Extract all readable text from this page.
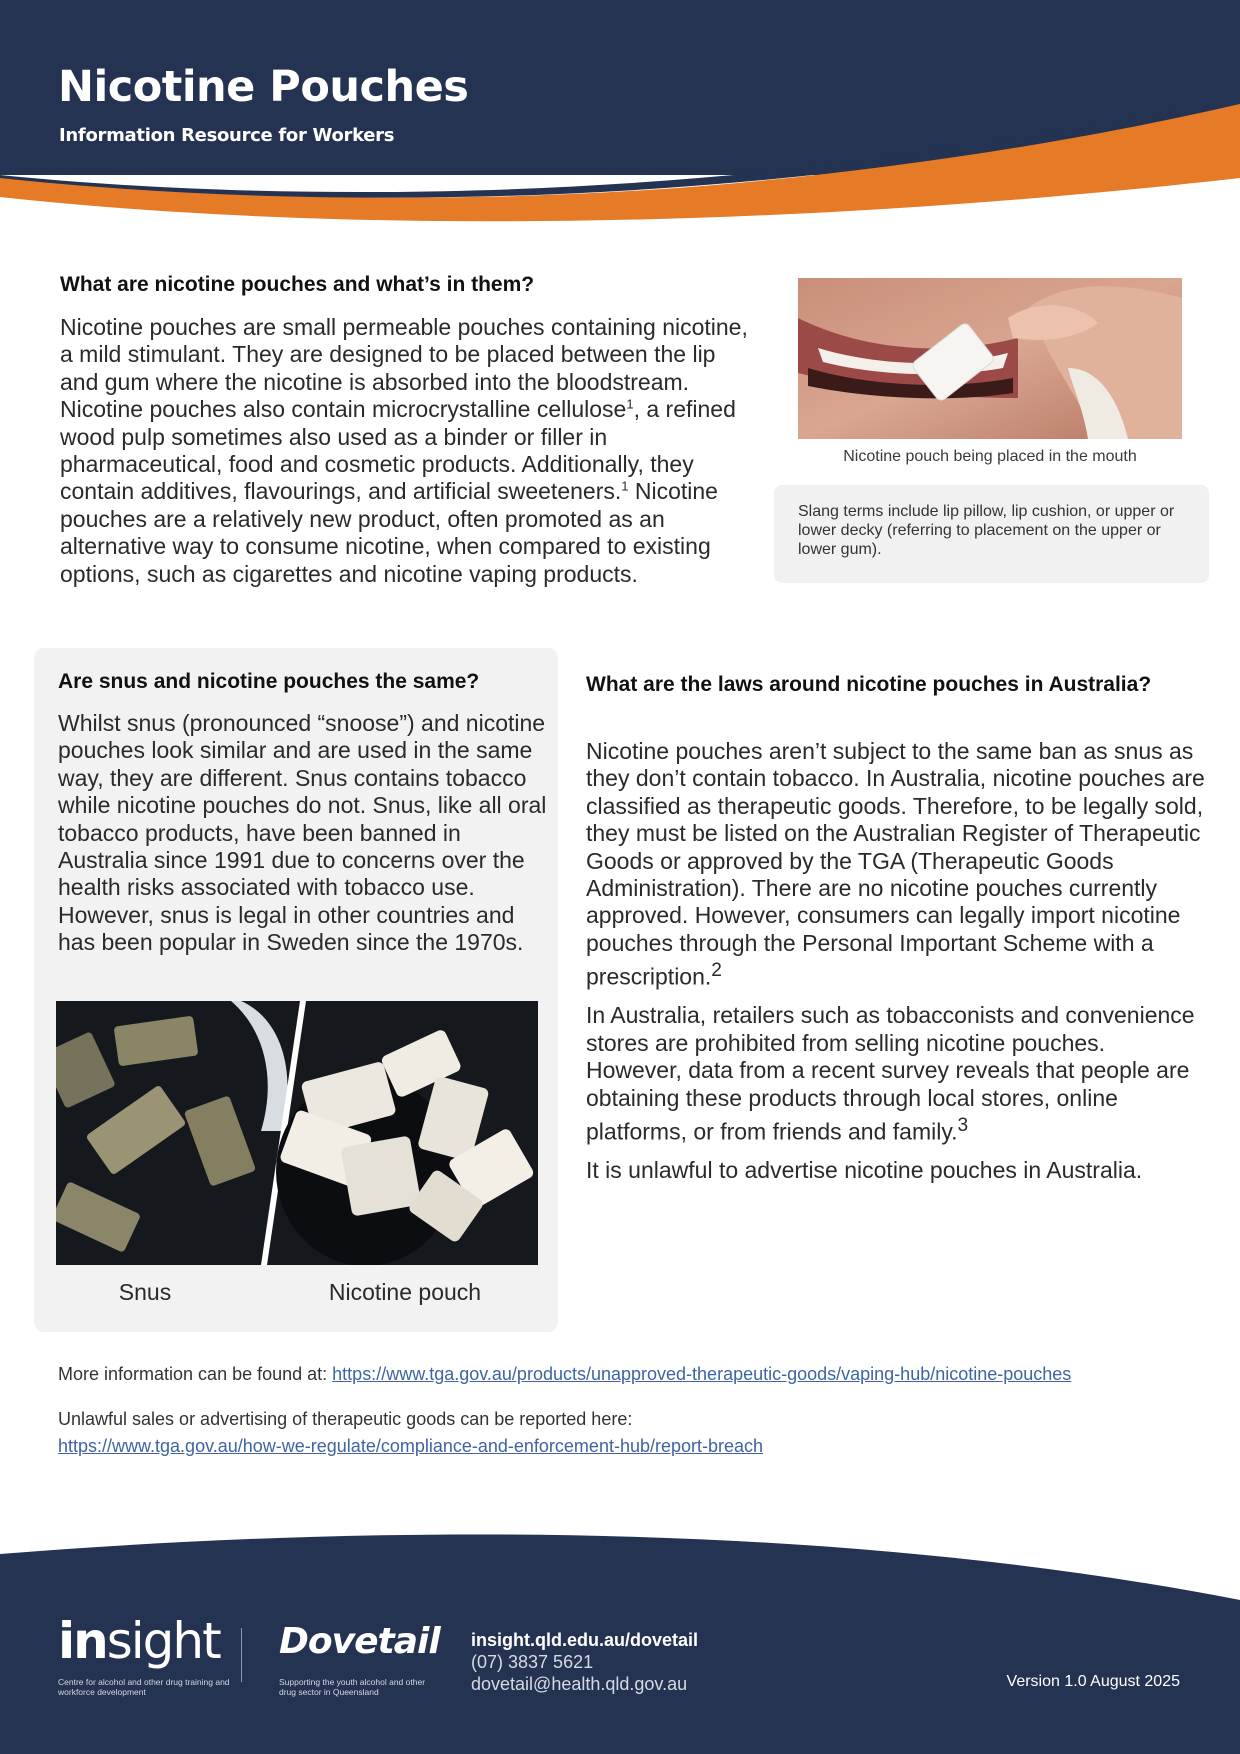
Nicotine Pouches
Information Resource for Workers
What are nicotine pouches and what’s in them?

Nicotine pouches are small permeable pouches containing nicotine, a mild stimulant. They are designed to be placed between the lip and gum where the nicotine is absorbed into the bloodstream. Nicotine pouches also contain microcrystalline cellulose$^1$, a refined wood pulp sometimes also used as a binder or filler in pharmaceutical, food and cosmetic products. Additionally, they contain additives, flavourings, and artificial sweeteners.$^1$ Nicotine pouches are a relatively new product, often promoted as an alternative way to consume nicotine, when compared to existing options, such as cigarettes and nicotine vaping products.

Nicotine pouch being placed in the mouth
Slang terms include lip pillow, lip cushion, or upper or lower decky (referring to placement on the upper or lower gum).
Are snus and nicotine pouches the same?

Whilst snus (pronounced “snoose”) and nicotine pouches look similar and are used in the same way, they are different. Snus contains tobacco while nicotine pouches do not. Snus, like all oral tobacco products, have been banned in Australia since 1991 due to concerns over the health risks associated with tobacco use. However, snus is legal in other countries and has been popular in Sweden since the 1970s.

Snus	Nicotine pouch
What are the laws around nicotine pouches in Australia?

Nicotine pouches aren’t subject to the same ban as snus as they don’t contain tobacco. In Australia, nicotine pouches are classified as therapeutic goods. Therefore, to be legally sold, they must be listed on the Australian Register of Therapeutic Goods or approved by the TGA (Therapeutic Goods Administration). There are no nicotine pouches currently approved. However, consumers can legally import nicotine pouches through the Personal Important Scheme with a prescription.$^2$

In Australia, retailers such as tobacconists and convenience stores are prohibited from selling nicotine pouches. However, data from a recent survey reveals that people are obtaining these products through local stores, online platforms, or from friends and family.$^3$

It is unlawful to advertise nicotine pouches in Australia.

More information can be found at: https://www.tga.gov.au/products/unapproved-therapeutic-goods/vaping-hub/nicotine-pouches
Unlawful sales or advertising of therapeutic goods can be reported here:
https://www.tga.gov.au/how-we-regulate/compliance-and-enforcement-hub/report-breach
insight
Centre for alcohol and other drug training and workforce development
Dovetail
Supporting the youth alcohol and other drug sector in Queensland
insight.qld.edu.au/dovetail
(07) 3837 5621
dovetail@health.qld.gov.au	Version 1.0 August 2025
